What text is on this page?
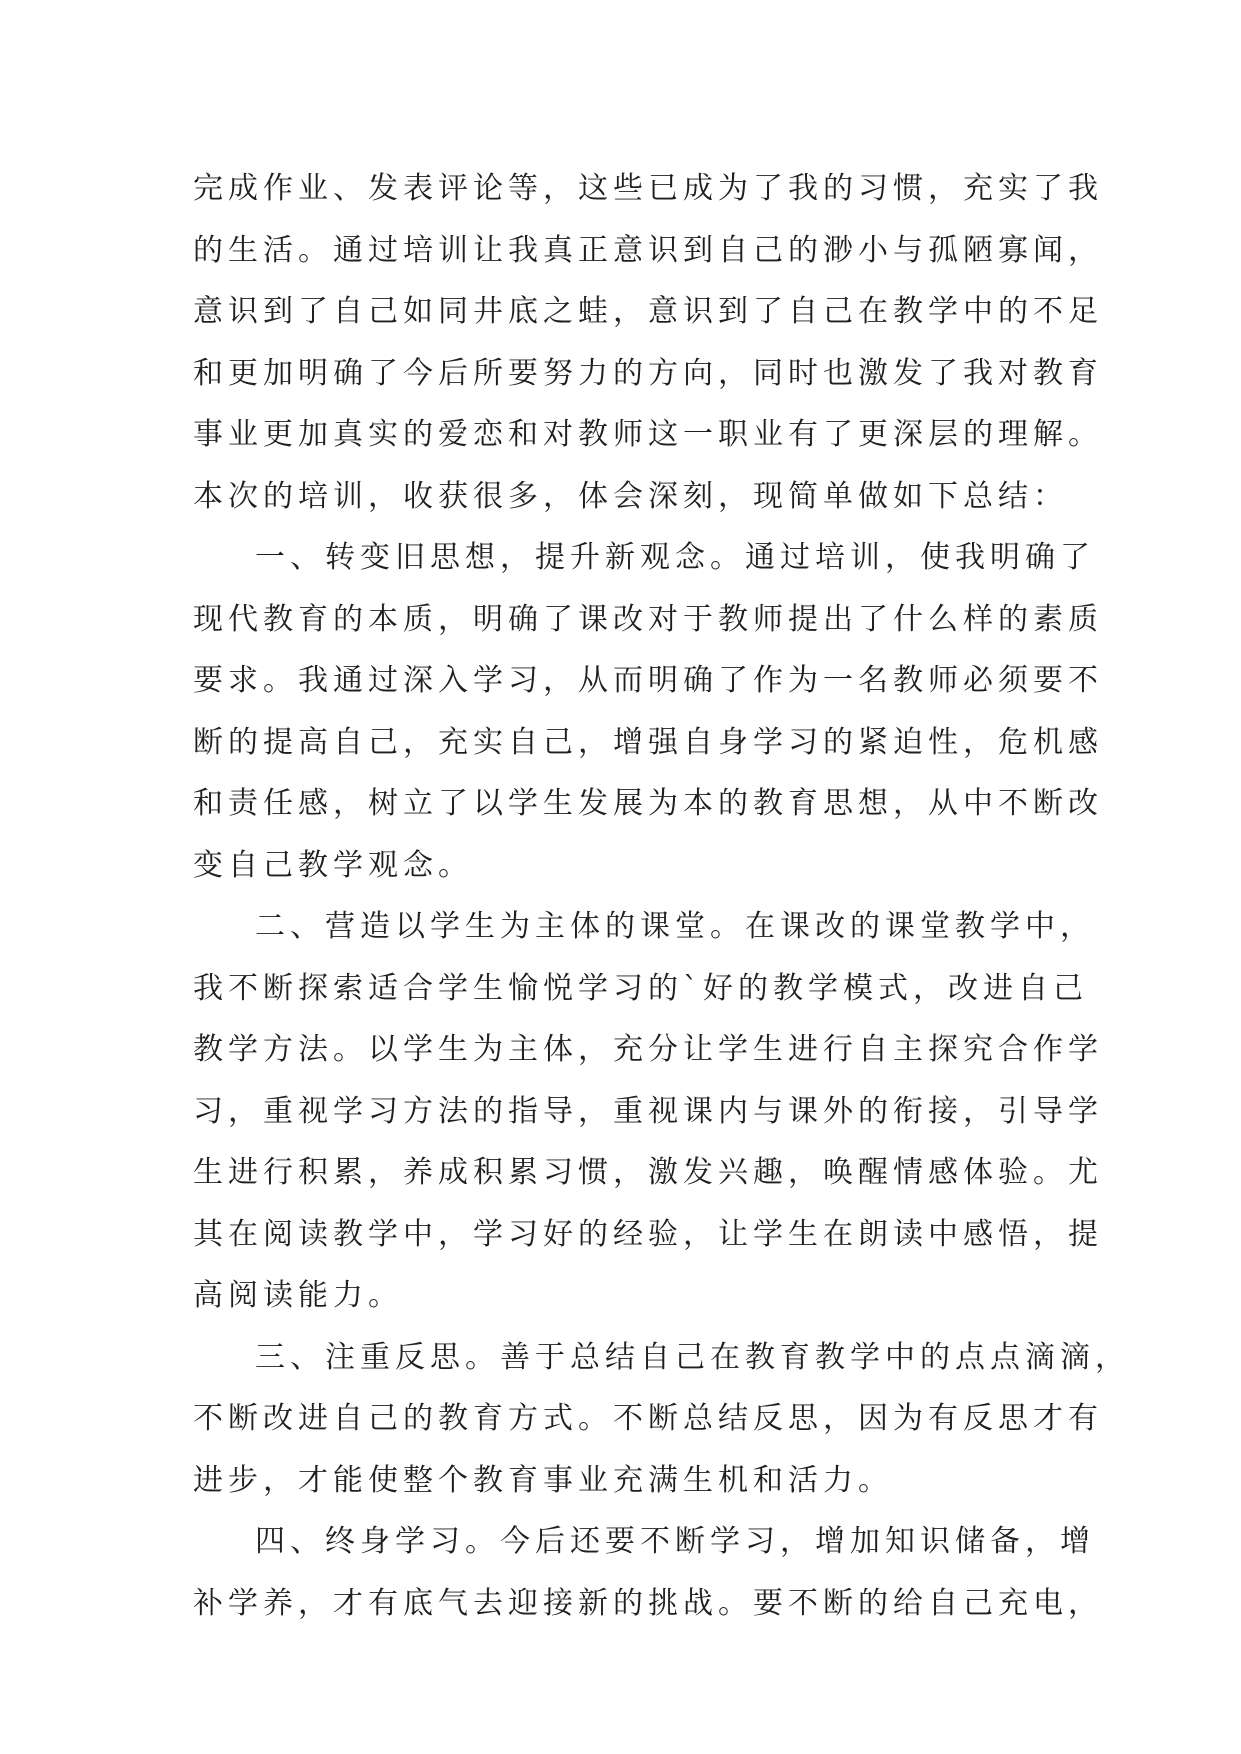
完成作业、发表评论等，这些已成为了我的习惯，充实了我
的生活。通过培训让我真正意识到自己的渺小与孤陋寡闻，
意识到了自己如同井底之蛙，意识到了自己在教学中的不足
和更加明确了今后所要努力的方向，同时也激发了我对教育
事业更加真实的爱恋和对教师这一职业有了更深层的理解。
本次的培训，收获很多，体会深刻，现简单做如下总结：
一、转变旧思想，提升新观念。通过培训，使我明确了
现代教育的本质，明确了课改对于教师提出了什么样的素质
要求。我通过深入学习，从而明确了作为一名教师必须要不
断的提高自己，充实自己，增强自身学习的紧迫性，危机感
和责任感，树立了以学生发展为本的教育思想，从中不断改
变自己教学观念。
二、营造以学生为主体的课堂。在课改的课堂教学中，
我不断探索适合学生愉悦学习的`好的教学模式，改进自己
教学方法。以学生为主体，充分让学生进行自主探究合作学
习，重视学习方法的指导，重视课内与课外的衔接，引导学
生进行积累，养成积累习惯，激发兴趣，唤醒情感体验。尤
其在阅读教学中，学习好的经验，让学生在朗读中感悟，提
高阅读能力。
三、注重反思。善于总结自己在教育教学中的点点滴滴，
不断改进自己的教育方式。不断总结反思，因为有反思才有
进步，才能使整个教育事业充满生机和活力。
四、终身学习。今后还要不断学习，增加知识储备，增
补学养，才有底气去迎接新的挑战。要不断的给自己充电，
